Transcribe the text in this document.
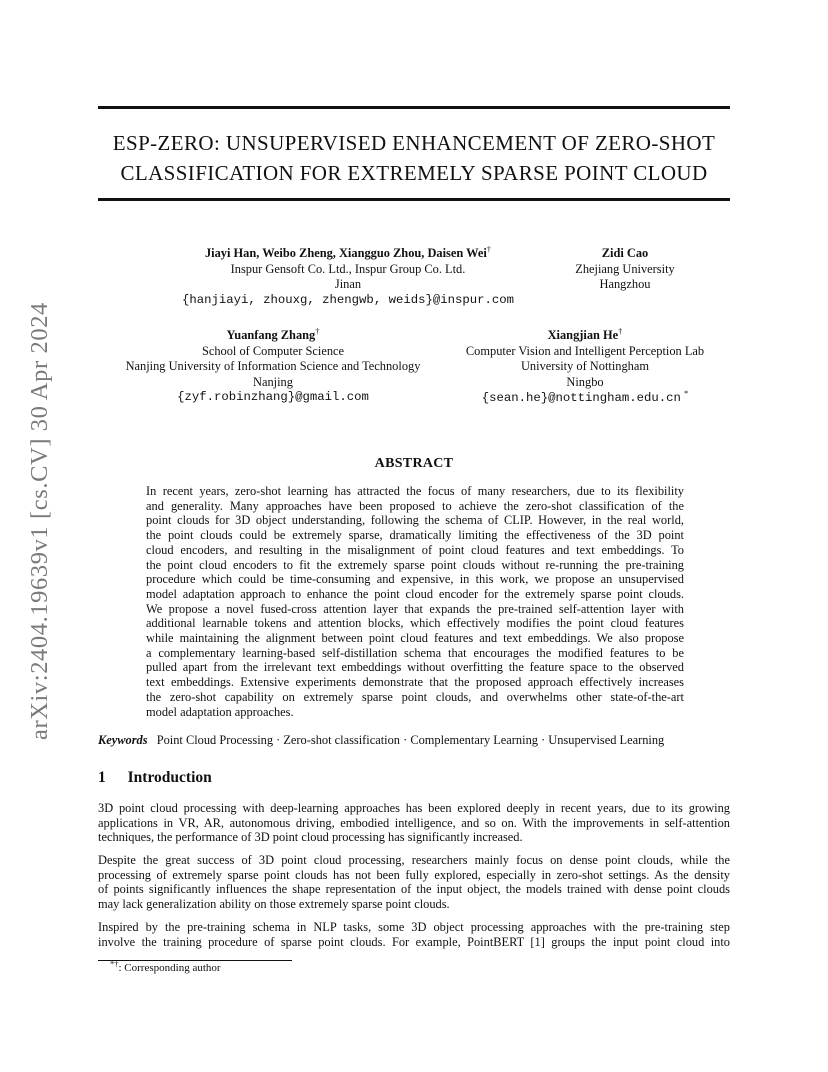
arXiv:2404.19639v1 [cs.CV] 30 Apr 2024
ESP-ZERO: UNSUPERVISED ENHANCEMENT OF ZERO-SHOT
CLASSIFICATION FOR EXTREMELY SPARSE POINT CLOUD
Jiayi Han, Weibo Zheng, Xiangguo Zhou, Daisen Wei†
Inspur Gensoft Co. Ltd., Inspur Group Co. Ltd.
Jinan
{hanjiayi, zhouxg, zhengwb, weids}@inspur.com
Zidi Cao
Zhejiang University
Hangzhou
Yuanfang Zhang†
School of Computer Science
Nanjing University of Information Science and Technology
Nanjing
{zyf.robinzhang}@gmail.com
Xiangjian He†
Computer Vision and Intelligent Perception Lab
University of Nottingham
Ningbo
{sean.he}@nottingham.edu.cn *
ABSTRACT
In recent years, zero-shot learning has attracted the focus of many researchers, due to its flexibility
and generality. Many approaches have been proposed to achieve the zero-shot classification of the
point clouds for 3D object understanding, following the schema of CLIP. However, in the real world,
the point clouds could be extremely sparse, dramatically limiting the effectiveness of the 3D point
cloud encoders, and resulting in the misalignment of point cloud features and text embeddings. To
the point cloud encoders to fit the extremely sparse point clouds without re-running the pre-training
procedure which could be time-consuming and expensive, in this work, we propose an unsupervised
model adaptation approach to enhance the point cloud encoder for the extremely sparse point clouds.
We propose a novel fused-cross attention layer that expands the pre-trained self-attention layer with
additional learnable tokens and attention blocks, which effectively modifies the point cloud features
while maintaining the alignment between point cloud features and text embeddings. We also propose
a complementary learning-based self-distillation schema that encourages the modified features to be
pulled apart from the irrelevant text embeddings without overfitting the feature space to the observed
text embeddings. Extensive experiments demonstrate that the proposed approach effectively increases
the zero-shot capability on extremely sparse point clouds, and overwhelms other state-of-the-art
model adaptation approaches.
Keywords Point Cloud Processing · Zero-shot classification · Complementary Learning · Unsupervised Learning
1 Introduction
3D point cloud processing with deep-learning approaches has been explored deeply in recent years, due to its growing
applications in VR, AR, autonomous driving, embodied intelligence, and so on. With the improvements in self-attention
techniques, the performance of 3D point cloud processing has significantly increased.
Despite the great success of 3D point cloud processing, researchers mainly focus on dense point clouds, while the
processing of extremely sparse point clouds has not been fully explored, especially in zero-shot settings. As the density
of points significantly influences the shape representation of the input object, the models trained with dense point clouds
may lack generalization ability on those extremely sparse point clouds.
Inspired by the pre-training schema in NLP tasks, some 3D object processing approaches with the pre-training step
involve the training procedure of sparse point clouds. For example, PointBERT [1] groups the input point cloud into
*†: Corresponding author
